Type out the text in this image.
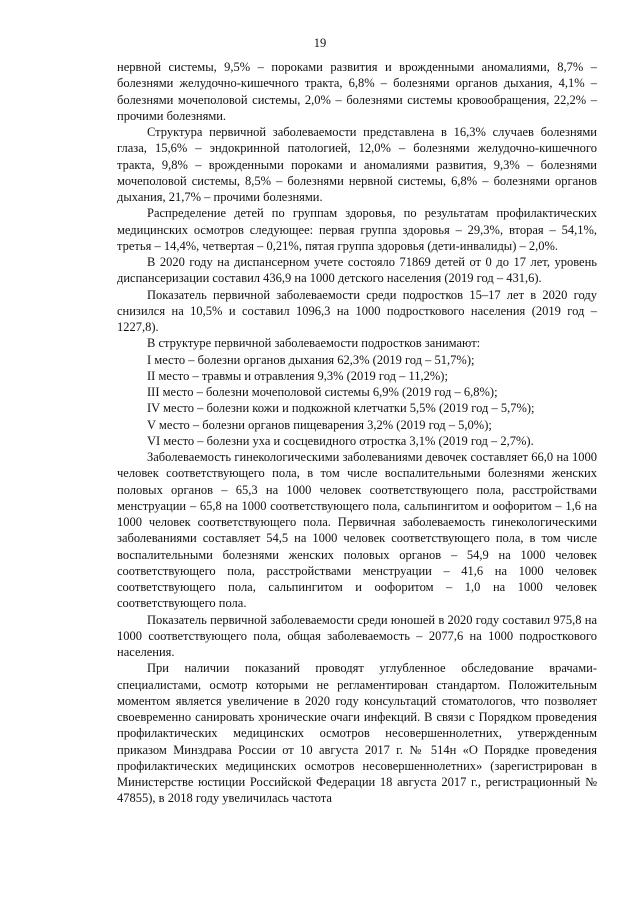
19

нервной системы, 9,5% – пороками развития и врожденными аномалиями, 8,7% – болезнями желудочно-кишечного тракта, 6,8% – болезнями органов дыхания, 4,1% – болезнями мочеполовой системы, 2,0% – болезнями системы кровообращения, 22,2% – прочими болезнями.

Структура первичной заболеваемости представлена в 16,3% случаев болезнями глаза, 15,6% – эндокринной патологией, 12,0% – болезнями желудочно-кишечного тракта, 9,8% – врожденными пороками и аномалиями развития, 9,3% – болезнями мочеполовой системы, 8,5% – болезнями нервной системы, 6,8% – болезнями органов дыхания, 21,7% – прочими болезнями.

Распределение детей по группам здоровья, по результатам профилактических медицинских осмотров следующее: первая группа здоровья – 29,3%, вторая – 54,1%, третья – 14,4%, четвертая – 0,21%, пятая группа здоровья (дети-инвалиды) – 2,0%.

В 2020 году на диспансерном учете состояло 71869 детей от 0 до 17 лет, уровень диспансеризации составил 436,9 на 1000 детского населения (2019 год – 431,6).

Показатель первичной заболеваемости среди подростков 15–17 лет в 2020 году снизился на 10,5% и составил 1096,3 на 1000 подросткового населения (2019 год – 1227,8).

В структуре первичной заболеваемости подростков занимают:

I место – болезни органов дыхания 62,3% (2019 год – 51,7%);

II место – травмы и отравления 9,3% (2019 год – 11,2%);

III место – болезни мочеполовой системы 6,9% (2019 год – 6,8%);

IV место – болезни кожи и подкожной клетчатки 5,5% (2019 год – 5,7%);

V место – болезни органов пищеварения 3,2% (2019 год – 5,0%);

VI место – болезни уха и сосцевидного отростка 3,1% (2019 год – 2,7%).

Заболеваемость гинекологическими заболеваниями девочек составляет 66,0 на 1000 человек соответствующего пола, в том числе воспалительными болезнями женских половых органов – 65,3 на 1000 человек соответствующего пола, расстройствами менструации – 65,8 на 1000 соответствующего пола, сальпингитом и оофоритом – 1,6 на 1000 человек соответствующего пола. Первичная заболеваемость гинекологическими заболеваниями составляет 54,5 на 1000 человек соответствующего пола, в том числе воспалительными болезнями женских половых органов – 54,9 на 1000 человек соответствующего пола, расстройствами менструации – 41,6 на 1000 человек соответствующего пола, сальпингитом и оофоритом – 1,0 на 1000 человек соответствующего пола.

Показатель первичной заболеваемости среди юношей в 2020 году составил 975,8 на 1000 соответствующего пола, общая заболеваемость – 2077,6 на 1000 подросткового населения.

При наличии показаний проводят углубленное обследование врачами-специалистами, осмотр которыми не регламентирован стандартом. Положительным моментом является увеличение в 2020 году консультаций стоматологов, что позволяет своевременно санировать хронические очаги инфекций. В связи с Порядком проведения профилактических медицинских осмотров несовершеннолетних, утвержденным приказом Минздрава России от 10 августа 2017 г. № 514н «О Порядке проведения профилактических медицинских осмотров несовершеннолетних» (зарегистрирован в Министерстве юстиции Российской Федерации 18 августа 2017 г., регистрационный № 47855), в 2018 году увеличилась частота
